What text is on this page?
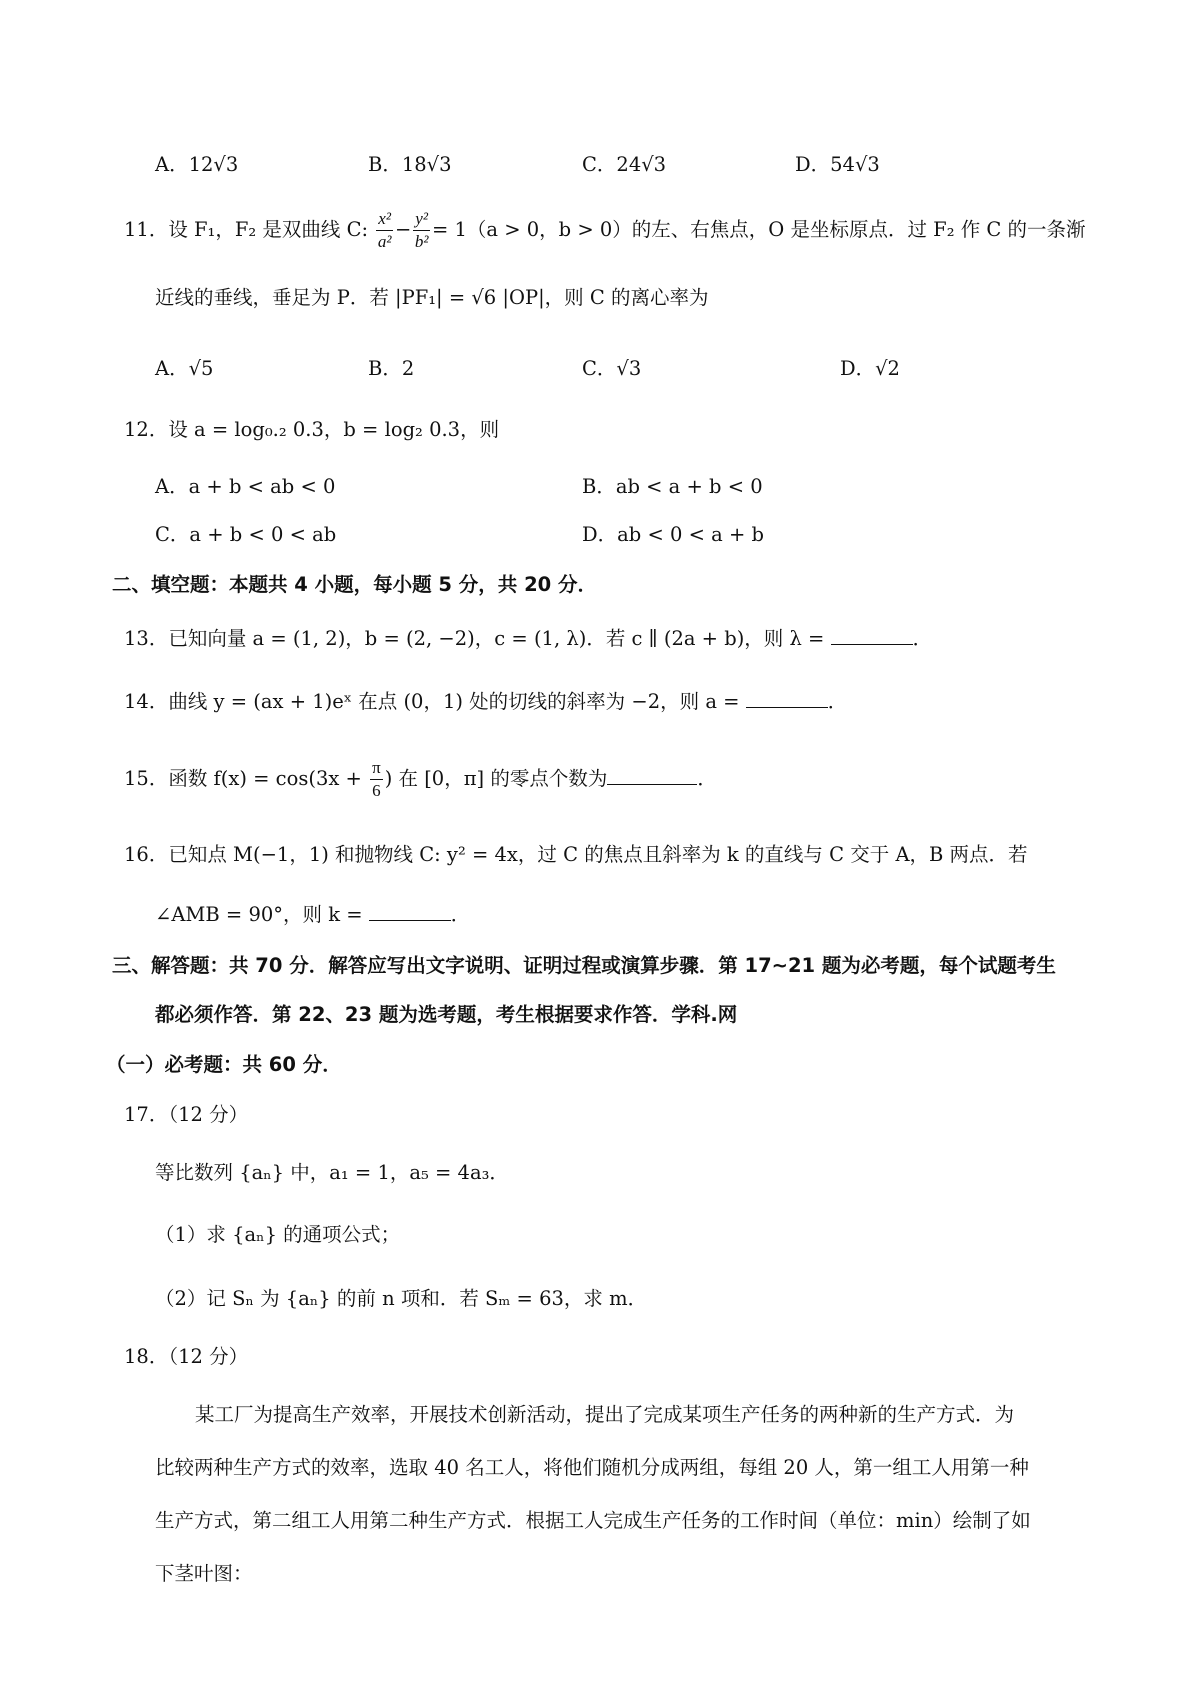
A．12√3	B．18√3	C．24√3	D．54√3
11．设 F₁，F₂ 是双曲线 C: $\frac{\text{x²}}{\text{a²}} - \frac{\text{y²}}{\text{b²}} = 1(a > 0$，b > 0）的左、右焦点，O 是坐标原点．过 F₂ 作 C 的一条渐
近线的垂线，垂足为 P．若 |PF₁| = √6 |OP|，则 C 的离心率为
A．√5	B．2	C．√3	D．√2
12．设 a = log₀.₂ 0.3，b = log₂ 0.3，则
A．a + b < ab < 0	B．ab < a + b < 0
C．a + b < 0 < ab	D．ab < 0 < a + b
二、填空题：本题共 4 小题，每小题 5 分，共 20 分．
13．已知向量 a = (1, 2)，b = (2, −2)，c = (1, λ)．若 c ∥ (2a + b)，则 λ =	．
14．曲线 y = (ax + 1)eˣ 在点 (0，1) 处的切线的斜率为 −2，则 a =	．
15．函数 $f(x) = \cos(3x + \frac{\pi}{6}$ ) 在 [0，π] 的零点个数为	．
16．已知点 M(−1，1) 和抛物线 C: y² = 4x，过 C 的焦点且斜率为 k 的直线与 C 交于 A，B 两点．若
∠AMB = 90°，则 k =	．
三、解答题：共 70 分．解答应写出文字说明、证明过程或演算步骤．第 17~21 题为必考题，每个试题考生
都必须作答．第 22、23 题为选考题，考生根据要求作答．学科.网
（一）必考题：共 60 分．
17．（12 分）
等比数列 {aₙ} 中，a₁ = 1，a₅ = 4a₃．
（1）求 {aₙ} 的通项公式；
（2）记 Sₙ 为 {aₙ} 的前 n 项和．若 Sₘ = 63，求 m．
18．（12 分）
某工厂为提高生产效率，开展技术创新活动，提出了完成某项生产任务的两种新的生产方式．为
比较两种生产方式的效率，选取 40 名工人，将他们随机分成两组，每组 20 人，第一组工人用第一种
生产方式，第二组工人用第二种生产方式．根据工人完成生产任务的工作时间（单位：min）绘制了如
下茎叶图：
